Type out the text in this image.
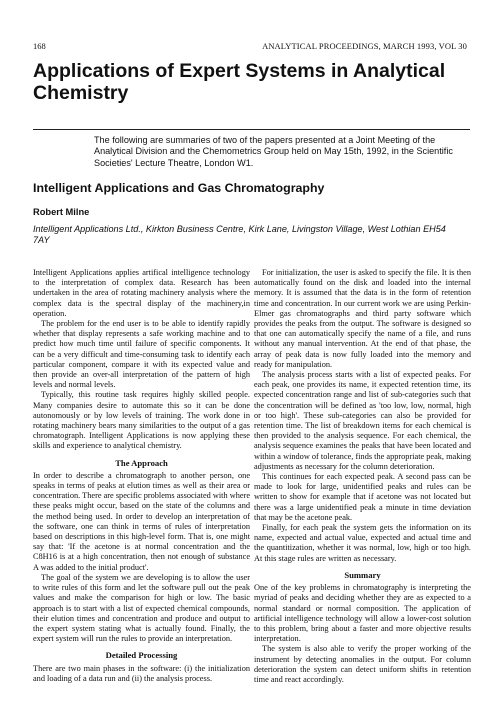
168	ANALYTICAL PROCEEDINGS, MARCH 1993, VOL 30
Applications of Expert Systems in Analytical Chemistry

The following are summaries of two of the papers presented at a Joint Meeting of the Analytical Division and the Chemometrics Group held on May 15th, 1992, in the Scientific Societies' Lecture Theatre, London W1.

Intelligent Applications and Gas Chromatography

Robert Milne

Intelligent Applications Ltd., Kirkton Business Centre, Kirk Lane, Livingston Village, West Lothian EH54 7AY

Intelligent Applications applies artifical intelligence technology to the interpretation of complex data. Research has been undertaken in the area of rotating machinery analysis where the complex data is the spectral display of the machinery,in operation.

The problem for the end user is to be able to identify rapidly whether that display represents a safe working machine and to predict how much time until failure of specific components. It can be a very difficult and time-consuming task to identify each particular component, compare it with its expected value and then provide an over-all interpretation of the pattern of high levels and normal levels.

Typically, this routine task requires highly skilled people. Many companies desire to automate this so it can be done autonomously or by low levels of training. The work done in rotating machinery bears many similarities to the output of a gas chromatograph. Intelligent Applications is now applying these skills and experience to analytical chemistry.

The Approach

In order to describe a chromatograph to another person, one speaks in terms of peaks at elution times as well as their area or concentration. There are specific problems associated with where these peaks might occur, based on the state of the columns and the method being used. In order to develop an interpretation of the software, one can think in terms of rules of interpretation based on descriptions in this high-level form. That is, one might say that: 'If the acetone is at normal concentration and the C8H16 is at a high concentration, then not enough of substance A was added to the initial product'.

The goal of the system we are developing is to allow the user to write rules of this form and let the software pull out the peak values and make the comparison for high or low. The basic approach is to start with a list of expected chemical compounds, their elution times and concentration and produce and output to the expert system stating what is actually found. Finally, the expert system will run the rules to provide an interpretation.

Detailed Processing

There are two main phases in the software: (i) the initialization and loading of a data run and (ii) the analysis process.

For initialization, the user is asked to specify the file. It is then automatically found on the disk and loaded into the internal memory. It is assumed that the data is in the form of retention time and concentration. In our current work we are using Perkin-Elmer gas chromatographs and third party software which provides the peaks from the output. The software is designed so that one can automatically specify the name of a file, and runs without any manual intervention. At the end of that phase, the array of peak data is now fully loaded into the memory and ready for manipulation.

The analysis process starts with a list of expected peaks. For each peak, one provides its name, it expected retention time, its expected concentration range and list of sub-categories such that the concentration will be defined as 'too low, low, normal, high or too high'. These sub-categories can also be provided for retention time. The list of breakdown items for each chemical is then provided to the analysis sequence. For each chemical, the analysis sequence examines the peaks that have been located and within a window of tolerance, finds the appropriate peak, making adjustments as necessary for the column deterioration.

This continues for each expected peak. A second pass can be made to look for large, unidentified peaks and rules can be written to show for example that if acetone was not located but there was a large unidentified peak a minute in time deviation that may be the acetone peak.

Finally, for each peak the system gets the information on its name, expected and actual value, expected and actual time and the quantitization, whether it was normal, low, high or too high. At this stage rules are written as necessary.

Summary

One of the key problems in chromatography is interpreting the myriad of peaks and deciding whether they are as expected to a normal standard or normal composition. The application of artificial intelligence technology will allow a lower-cost solution to this problem, bring about a faster and more objective results interpretation.

The system is also able to verify the proper working of the instrument by detecting anomalies in the output. For column deterioration the system can detect uniform shifts in retention time and react accordingly.
